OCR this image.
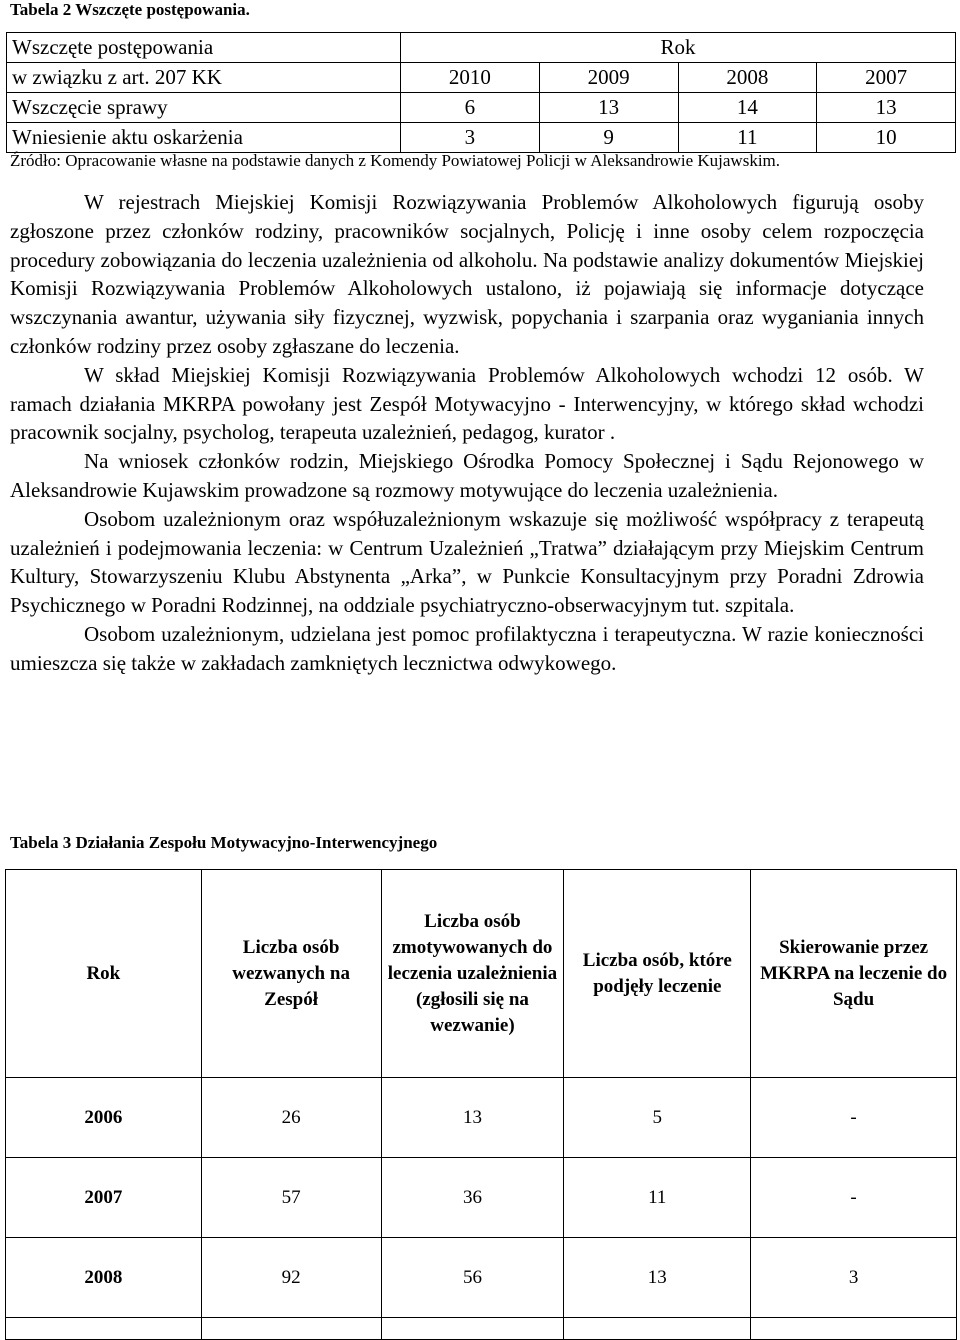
Tabela 2 Wszczęte postępowania.

Wszczęte postępowania	Rok			
w związku z art. 207 KK	2010	2009	2008	2007
Wszczęcie sprawy	6	13	14	13
Wniesienie aktu oskarżenia	3	9	11	10

Źródło: Opracowanie własne na podstawie danych z Komendy Powiatowej Policji w Aleksandrowie Kujawskim.

W rejestrach Miejskiej Komisji Rozwiązywania Problemów Alkoholowych figurują osoby zgłoszone przez członków rodziny, pracowników socjalnych, Policję i inne osoby celem rozpoczęcia procedury zobowiązania do leczenia uzależnienia od alkoholu. Na podstawie analizy dokumentów Miejskiej Komisji Rozwiązywania Problemów Alkoholowych ustalono, iż pojawiają się informacje dotyczące wszczynania awantur, używania siły fizycznej, wyzwisk, popychania i szarpania oraz wyganiania innych członków rodziny przez osoby zgłaszane do leczenia.

W skład Miejskiej Komisji Rozwiązywania Problemów Alkoholowych wchodzi 12 osób. W ramach działania MKRPA powołany jest Zespół Motywacyjno - Interwencyjny, w którego skład wchodzi pracownik socjalny, psycholog, terapeuta uzależnień, pedagog, kurator .

Na wniosek członków rodzin, Miejskiego Ośrodka Pomocy Społecznej i Sądu Rejonowego w Aleksandrowie Kujawskim prowadzone są rozmowy motywujące do leczenia uzależnienia.

Osobom uzależnionym oraz współuzależnionym wskazuje się możliwość współpracy z terapeutą uzależnień i podejmowania leczenia: w Centrum Uzależnień „Tratwa” działającym przy Miejskim Centrum Kultury, Stowarzyszeniu Klubu Abstynenta „Arka”, w Punkcie Konsultacyjnym przy Poradni Zdrowia Psychicznego w Poradni Rodzinnej, na oddziale psychiatryczno-obserwacyjnym tut. szpitala.

Osobom uzależnionym, udzielana jest pomoc profilaktyczna i terapeutyczna. W razie konieczności umieszcza się także w zakładach zamkniętych lecznictwa odwykowego.

Tabela 3 Działania Zespołu Motywacyjno-Interwencyjnego

Rok	Liczba osób wezwanych na Zespół	Liczba osób zmotywowanych do leczenia uzależnienia (zgłosili się na wezwanie)	Liczba osób, które podjęły leczenie	Skierowanie przez MKRPA na leczenie do Sądu
2006	26	13	5	-
2007	57	36	11	-
2008	92	56	13	3
